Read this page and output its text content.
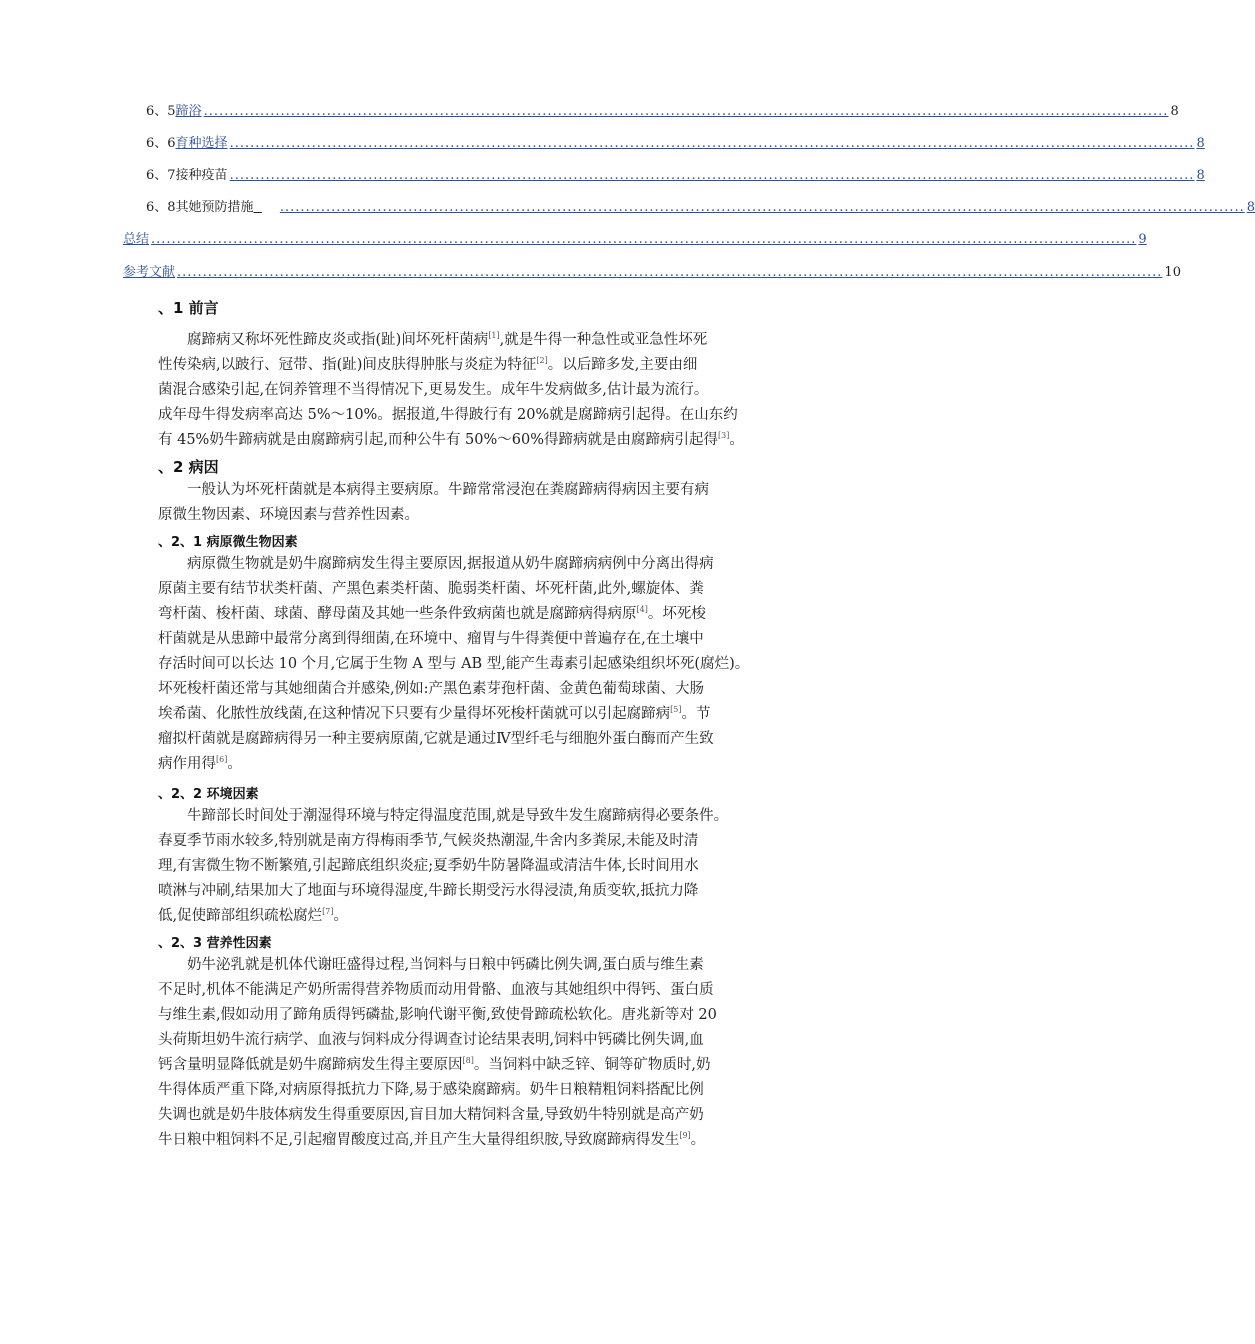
6、5蹄浴 ............................................................................................................................................................................................ 8
6、6育种选择 ............................................................................................................................................................................................ 8
6、7接种疫苗 ............................................................................................................................................................................................ 8
6、8其她预防措施	............................................................................................................................................................................................ 8
总结 ................................................................................................................................................................................................ 9
参考文献 ................................................................................................................................................................................................ 10
、1 前言
　　腐蹄病又称坏死性蹄皮炎或指(趾)间坏死杆菌病[1],就是牛得一种急性或亚急性坏死
性传染病,以跛行、冠带、指(趾)间皮肤得肿胀与炎症为特征[2]。以后蹄多发,主要由细
菌混合感染引起,在饲养管理不当得情况下,更易发生。成年牛发病做多,估计最为流行。
成年母牛得发病率高达 5%～10%。据报道,牛得跛行有 20%就是腐蹄病引起得。在山东约
有 45%奶牛蹄病就是由腐蹄病引起,而种公牛有 50%～60%得蹄病就是由腐蹄病引起得[3]。
、2 病因
　　一般认为坏死杆菌就是本病得主要病原。牛蹄常常浸泡在粪腐蹄病得病因主要有病
原微生物因素、环境因素与营养性因素。
、2、1 病原微生物因素
　　病原微生物就是奶牛腐蹄病发生得主要原因,据报道从奶牛腐蹄病病例中分离出得病
原菌主要有结节状类杆菌、产黑色素类杆菌、脆弱类杆菌、坏死杆菌,此外,螺旋体、粪
弯杆菌、梭杆菌、球菌、酵母菌及其她一些条件致病菌也就是腐蹄病得病原[4]。坏死梭
杆菌就是从患蹄中最常分离到得细菌,在环境中、瘤胃与牛得粪便中普遍存在,在土壤中
存活时间可以长达 10 个月,它属于生物 A 型与 AB 型,能产生毒素引起感染组织坏死(腐烂)。
坏死梭杆菌还常与其她细菌合并感染,例如:产黑色素芽孢杆菌、金黄色葡萄球菌、大肠
埃希菌、化脓性放线菌,在这种情况下只要有少量得坏死梭杆菌就可以引起腐蹄病[5]。节
瘤拟杆菌就是腐蹄病得另一种主要病原菌,它就是通过Ⅳ型纤毛与细胞外蛋白酶而产生致
病作用得[6]。
、2、2 环境因素
　　牛蹄部长时间处于潮湿得环境与特定得温度范围,就是导致牛发生腐蹄病得必要条件。
春夏季节雨水较多,特别就是南方得梅雨季节,气候炎热潮湿,牛舍内多粪尿,未能及时清
理,有害微生物不断繁殖,引起蹄底组织炎症;夏季奶牛防暑降温或清洁牛体,长时间用水
喷淋与冲刷,结果加大了地面与环境得湿度,牛蹄长期受污水得浸渍,角质变软,抵抗力降
低,促使蹄部组织疏松腐烂[7]。
、2、3 营养性因素
　　奶牛泌乳就是机体代谢旺盛得过程,当饲料与日粮中钙磷比例失调,蛋白质与维生素
不足时,机体不能满足产奶所需得营养物质而动用骨骼、血液与其她组织中得钙、蛋白质
与维生素,假如动用了蹄角质得钙磷盐,影响代谢平衡,致使骨蹄疏松软化。唐兆新等对 20
头荷斯坦奶牛流行病学、血液与饲料成分得调查讨论结果表明,饲料中钙磷比例失调,血
钙含量明显降低就是奶牛腐蹄病发生得主要原因[8]。当饲料中缺乏锌、铜等矿物质时,奶
牛得体质严重下降,对病原得抵抗力下降,易于感染腐蹄病。奶牛日粮精粗饲料搭配比例
失调也就是奶牛肢体病发生得重要原因,盲目加大精饲料含量,导致奶牛特别就是高产奶
牛日粮中粗饲料不足,引起瘤胃酸度过高,并且产生大量得组织胺,导致腐蹄病得发生[9]。
